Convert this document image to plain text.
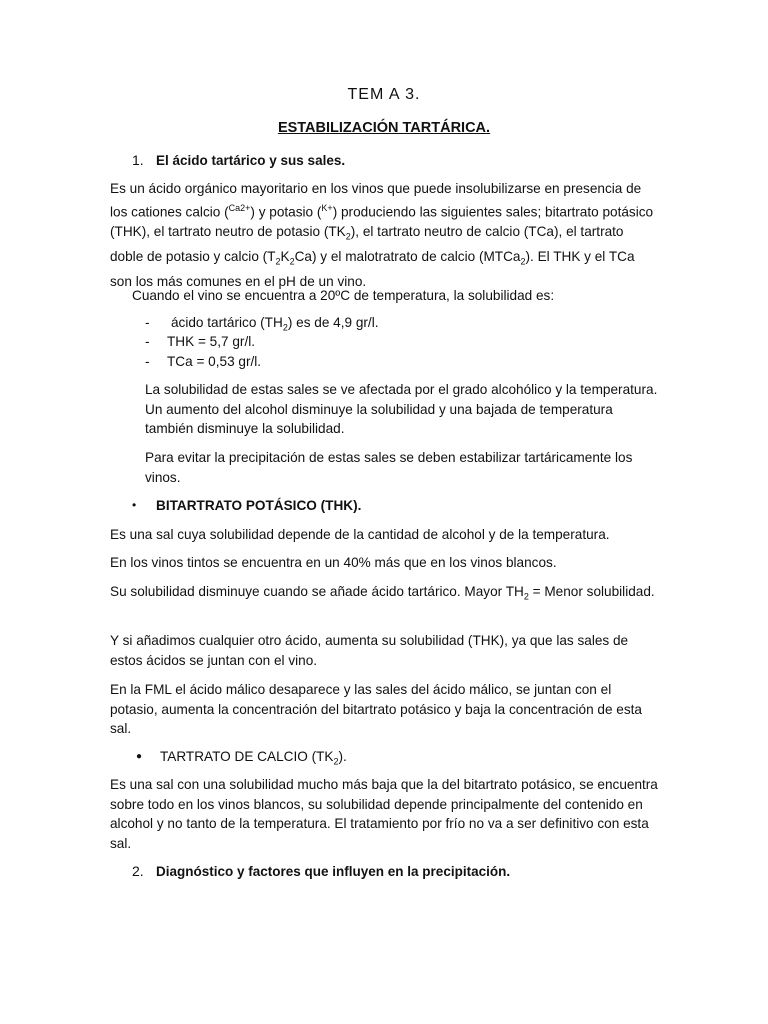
TEM A 3.
ESTABILIZACIÓN TARTÁRICA.
1. El ácido tartárico y sus sales.

Es un ácido orgánico mayoritario en los vinos que puede insolubilizarse en presencia de los cationes calcio ($^{Ca2+}$) y potasio ($^{K+}$) produciendo las siguientes sales; bitartrato potásico (THK), el tartrato neutro de potasio $(TK_2)$, el tartrato neutro de calcio (TCa), el tartrato doble de potasio y calcio $(T_2K_2Ca)$ y el malotratrato de calcio (MTCa$_2$). El THK y el TCa son los más comunes en el pH de un vino.

Cuando el vino se encuentra a 20ºC de temperatura, la solubilidad es:

- ácido tartárico $(TH_2)$ es de 4,9 gr/l.
- THK = 5,7 gr/l.
- TCa = 0,53 gr/l.

La solubilidad de estas sales se ve afectada por el grado alcohólico y la temperatura. Un aumento del alcohol disminuye la solubilidad y una bajada de temperatura también disminuye la solubilidad.

Para evitar la precipitación de estas sales se deben estabilizar tartáricamente los vinos.

• BITARTRATO POTÁSICO (THK).

Es una sal cuya solubilidad depende de la cantidad de alcohol y de la temperatura.

En los vinos tintos se encuentra en un 40% más que en los vinos blancos.

Su solubilidad disminuye cuando se añade ácido tartárico. Mayor $TH_2$ = Menor solubilidad.

Y si añadimos cualquier otro ácido, aumenta su solubilidad (THK), ya que las sales de estos ácidos se juntan con el vino.

En la FML el ácido málico desaparece y las sales del ácido málico, se juntan con el potasio, aumenta la concentración del bitartrato potásico y baja la concentración de esta sal.

● TARTRATO DE CALCIO $(TK_2)$.

Es una sal con una solubilidad mucho más baja que la del bitartrato potásico, se encuentra sobre todo en los vinos blancos, su solubilidad depende principalmente del contenido en alcohol y no tanto de la temperatura. El tratamiento por frío no va a ser definitivo con esta sal.

2. Diagnóstico y factores que influyen en la precipitación.
